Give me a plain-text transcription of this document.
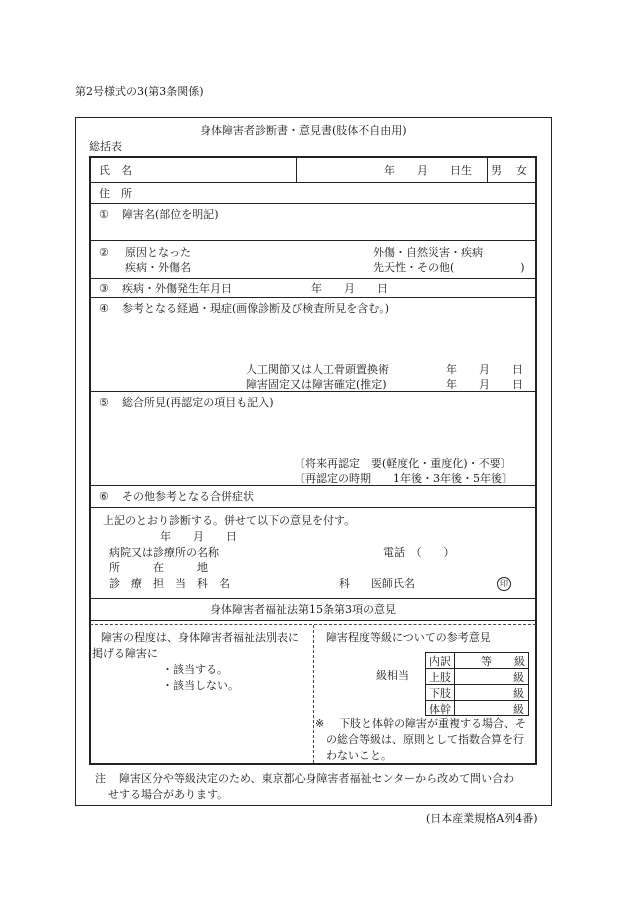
第2号様式の3(第3条関係)
身体障害者診断書・意見書(肢体不自由用)
総括表
氏　名	年　　月　　日生 男 女
住　所
① 障害名(部位を明記)
② 原因となった
疾病・外傷名
外傷・自然災害・疾病
先天性・その他(　　　　　　)
③ 疾病・外傷発生年月日	年　　月　　日
④ 参考となる経過・現症(画像診断及び検査所見を含む。)
人工関節又は人工骨頭置換術	年　　月　　日
障害固定又は障害確定(推定)	年　　月　　日
⑤ 総合所見(再認定の項目も記入)
〔将来再認定　要(軽度化・重度化)・不要〕
〔再認定の時期　　1年後・3年後・5年後〕
⑥ その他参考となる合併症状
上記のとおり診断する。併せて以下の意見を付す。
年　　月　　日
病院又は診療所の名称	電話　（　　）
所　　　在　　　地
診　療　担　当　科　名	科 医師氏名	印
身体障害者福祉法第15条第3項の意見
障害の程度は、身体障害者福祉法別表に
掲げる障害に
・該当する。
・該当しない。
障害程度等級についての参考意見
級相当
内訳	等　　級
上肢	級
下肢	級
体幹	級
※ 下肢と体幹の障害が重複する場合、そ
の総合等級は、原則として指数合算を行
わないこと。
注 障害区分や等級決定のため、東京都心身障害者福祉センターから改めて問い合わ
せする場合があります。
(日本産業規格A列4番)
